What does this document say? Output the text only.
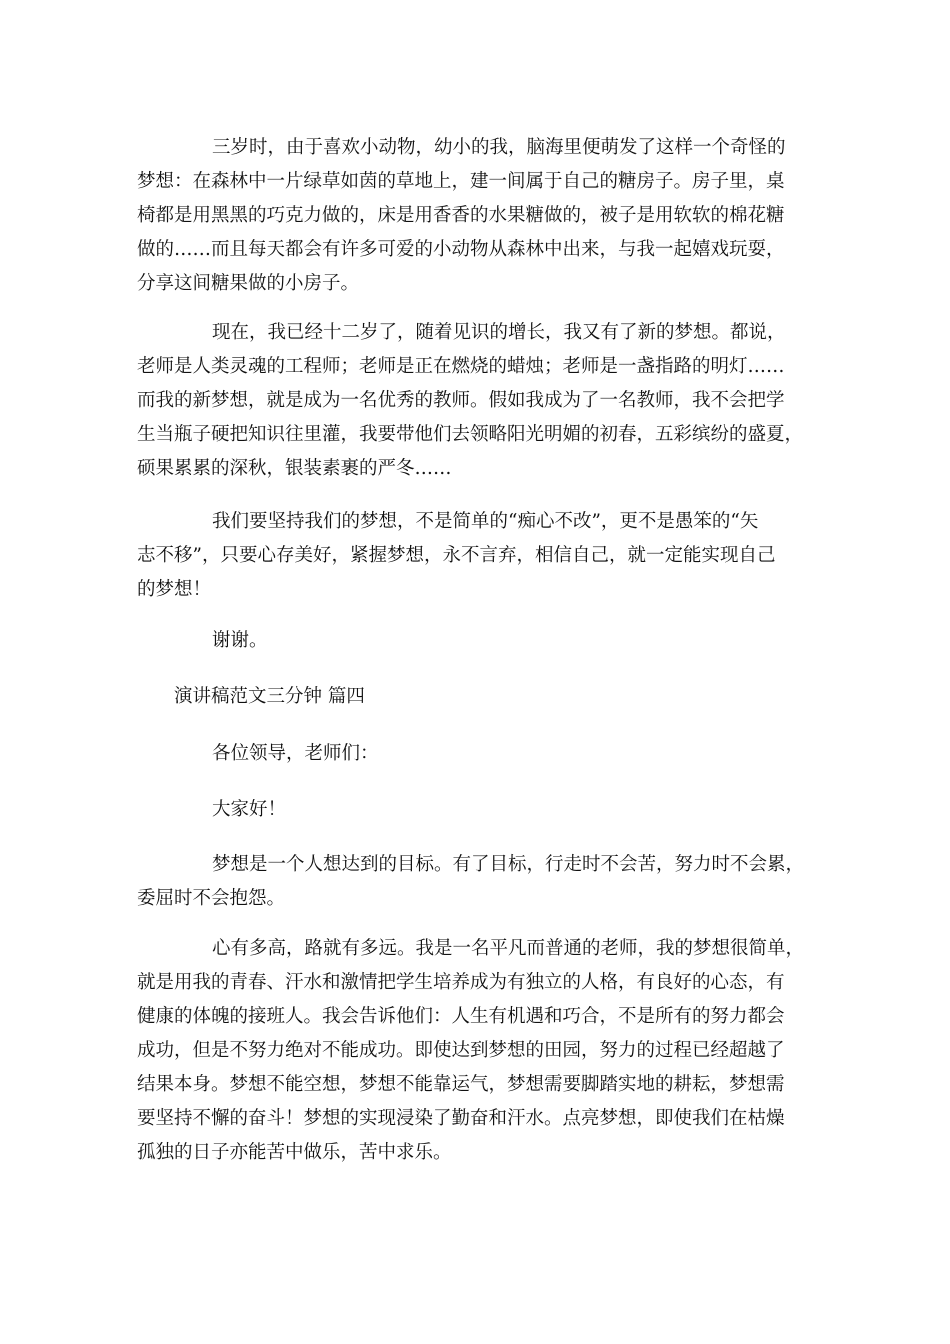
三岁时，由于喜欢小动物，幼小的我，脑海里便萌发了这样一个奇怪的
梦想：在森林中一片绿草如茵的草地上，建一间属于自己的糖房子。房子里，桌
椅都是用黑黑的巧克力做的，床是用香香的水果糖做的，被子是用软软的棉花糖
做的……而且每天都会有许多可爱的小动物从森林中出来，与我一起嬉戏玩耍，
分享这间糖果做的小房子。
现在，我已经十二岁了，随着见识的增长，我又有了新的梦想。都说，
老师是人类灵魂的工程师；老师是正在燃烧的蜡烛；老师是一盏指路的明灯……
而我的新梦想，就是成为一名优秀的教师。假如我成为了一名教师，我不会把学
生当瓶子硬把知识往里灌，我要带他们去领略阳光明媚的初春，五彩缤纷的盛夏，
硕果累累的深秋，银装素裹的严冬……
我们要坚持我们的梦想，不是简单的“痴心不改”，更不是愚笨的“矢
志不移”，只要心存美好，紧握梦想，永不言弃，相信自己，就一定能实现自己
的梦想！
谢谢。
演讲稿范文三分钟 篇四
各位领导，老师们：
大家好！
梦想是一个人想达到的目标。有了目标，行走时不会苦，努力时不会累，
委屈时不会抱怨。
心有多高，路就有多远。我是一名平凡而普通的老师，我的梦想很简单，
就是用我的青春、汗水和激情把学生培养成为有独立的人格，有良好的心态，有
健康的体魄的接班人。我会告诉他们：人生有机遇和巧合，不是所有的努力都会
成功，但是不努力绝对不能成功。即使达到梦想的田园，努力的过程已经超越了
结果本身。梦想不能空想，梦想不能靠运气，梦想需要脚踏实地的耕耘，梦想需
要坚持不懈的奋斗！梦想的实现浸染了勤奋和汗水。点亮梦想，即使我们在枯燥
孤独的日子亦能苦中做乐，苦中求乐。
